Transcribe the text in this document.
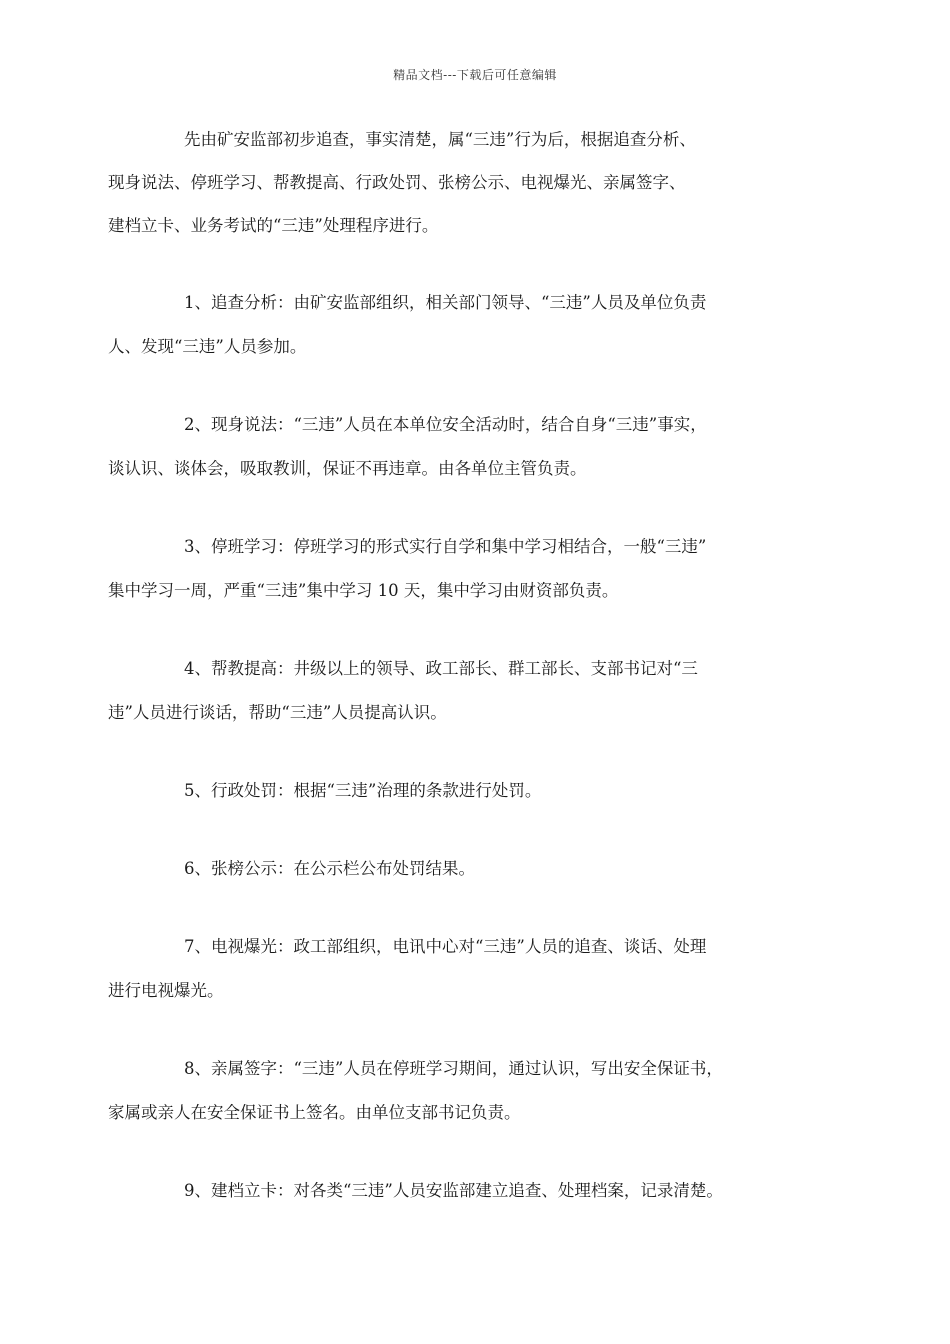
精品文档---下载后可任意编辑

先由矿安监部初步追查，事实清楚，属“三违”行为后，根据追查分析、
现身说法、停班学习、帮教提高、行政处罚、张榜公示、电视爆光、亲属签字、
建档立卡、业务考试的“三违”处理程序进行。

1、追查分析：由矿安监部组织，相关部门领导、“三违”人员及单位负责
人、发现“三违”人员参加。

2、现身说法：“三违”人员在本单位安全活动时，结合自身“三违”事实，
谈认识、谈体会，吸取教训，保证不再违章。由各单位主管负责。

3、停班学习：停班学习的形式实行自学和集中学习相结合，一般“三违”
集中学习一周，严重“三违”集中学习 10 天，集中学习由财资部负责。

4、帮教提高：井级以上的领导、政工部长、群工部长、支部书记对“三
违”人员进行谈话，帮助“三违”人员提高认识。

5、行政处罚：根据“三违”治理的条款进行处罚。

6、张榜公示：在公示栏公布处罚结果。

7、电视爆光：政工部组织，电讯中心对“三违”人员的追查、谈话、处理
进行电视爆光。

8、亲属签字：“三违”人员在停班学习期间，通过认识，写出安全保证书，
家属或亲人在安全保证书上签名。由单位支部书记负责。

9、建档立卡：对各类“三违”人员安监部建立追查、处理档案，记录清楚。
